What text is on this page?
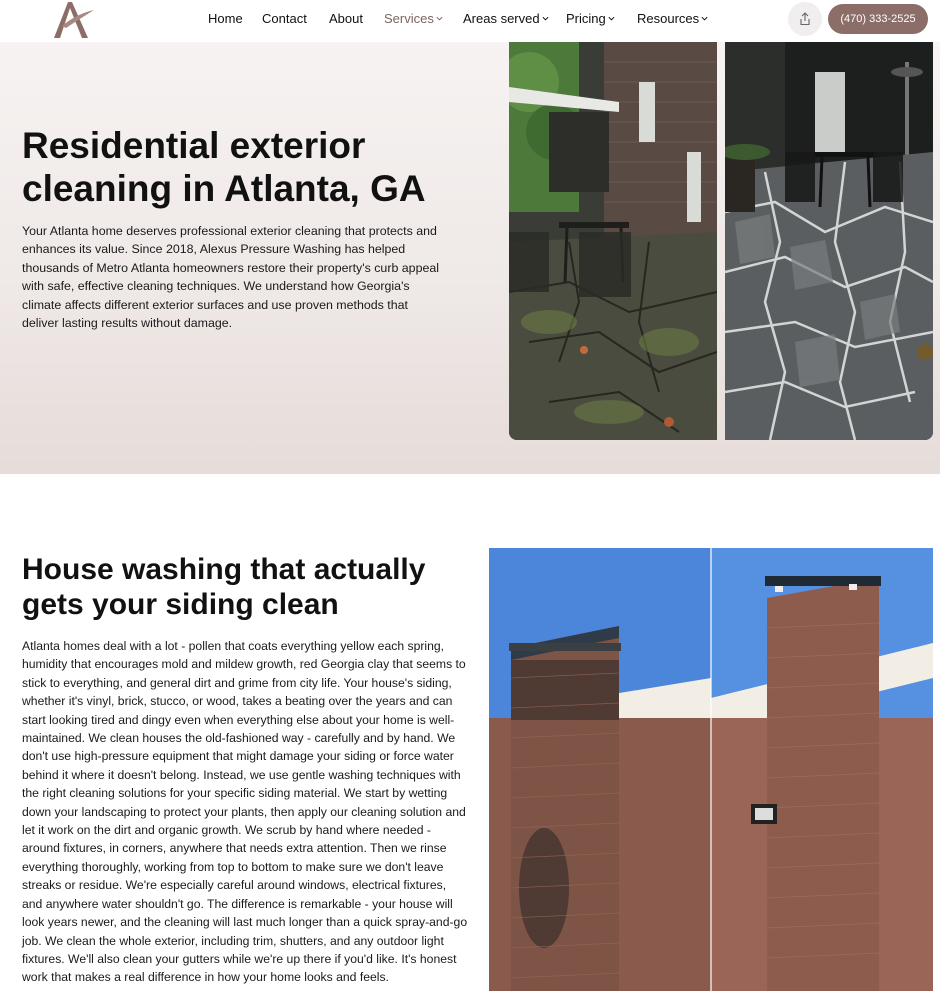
Home Contact About Services Areas served Pricing Resources	(470) 333-2525
Residential exterior cleaning in Atlanta, GA

Your Atlanta home deserves professional exterior cleaning that protects and enhances its value. Since 2018, Alexus Pressure Washing has helped thousands of Metro Atlanta homeowners restore their property's curb appeal with safe, effective cleaning techniques. We understand how Georgia's climate affects different exterior surfaces and use proven methods that deliver lasting results without damage.

House washing that actually gets your siding clean

Atlanta homes deal with a lot - pollen that coats everything yellow each spring, humidity that encourages mold and mildew growth, red Georgia clay that seems to stick to everything, and general dirt and grime from city life. Your house's siding, whether it's vinyl, brick, stucco, or wood, takes a beating over the years and can start looking tired and dingy even when everything else about your home is well-maintained. We clean houses the old-fashioned way - carefully and by hand. We don't use high-pressure equipment that might damage your siding or force water behind it where it doesn't belong. Instead, we use gentle washing techniques with the right cleaning solutions for your specific siding material. We start by wetting down your landscaping to protect your plants, then apply our cleaning solution and let it work on the dirt and organic growth. We scrub by hand where needed - around fixtures, in corners, anywhere that needs extra attention. Then we rinse everything thoroughly, working from top to bottom to make sure we don't leave streaks or residue. We're especially careful around windows, electrical fixtures, and anywhere water shouldn't go. The difference is remarkable - your house will look years newer, and the cleaning will last much longer than a quick spray-and-go job. We clean the whole exterior, including trim, shutters, and any outdoor light fixtures. We'll also clean your gutters while we're up there if you'd like. It's honest work that makes a real difference in how your home looks and feels.
